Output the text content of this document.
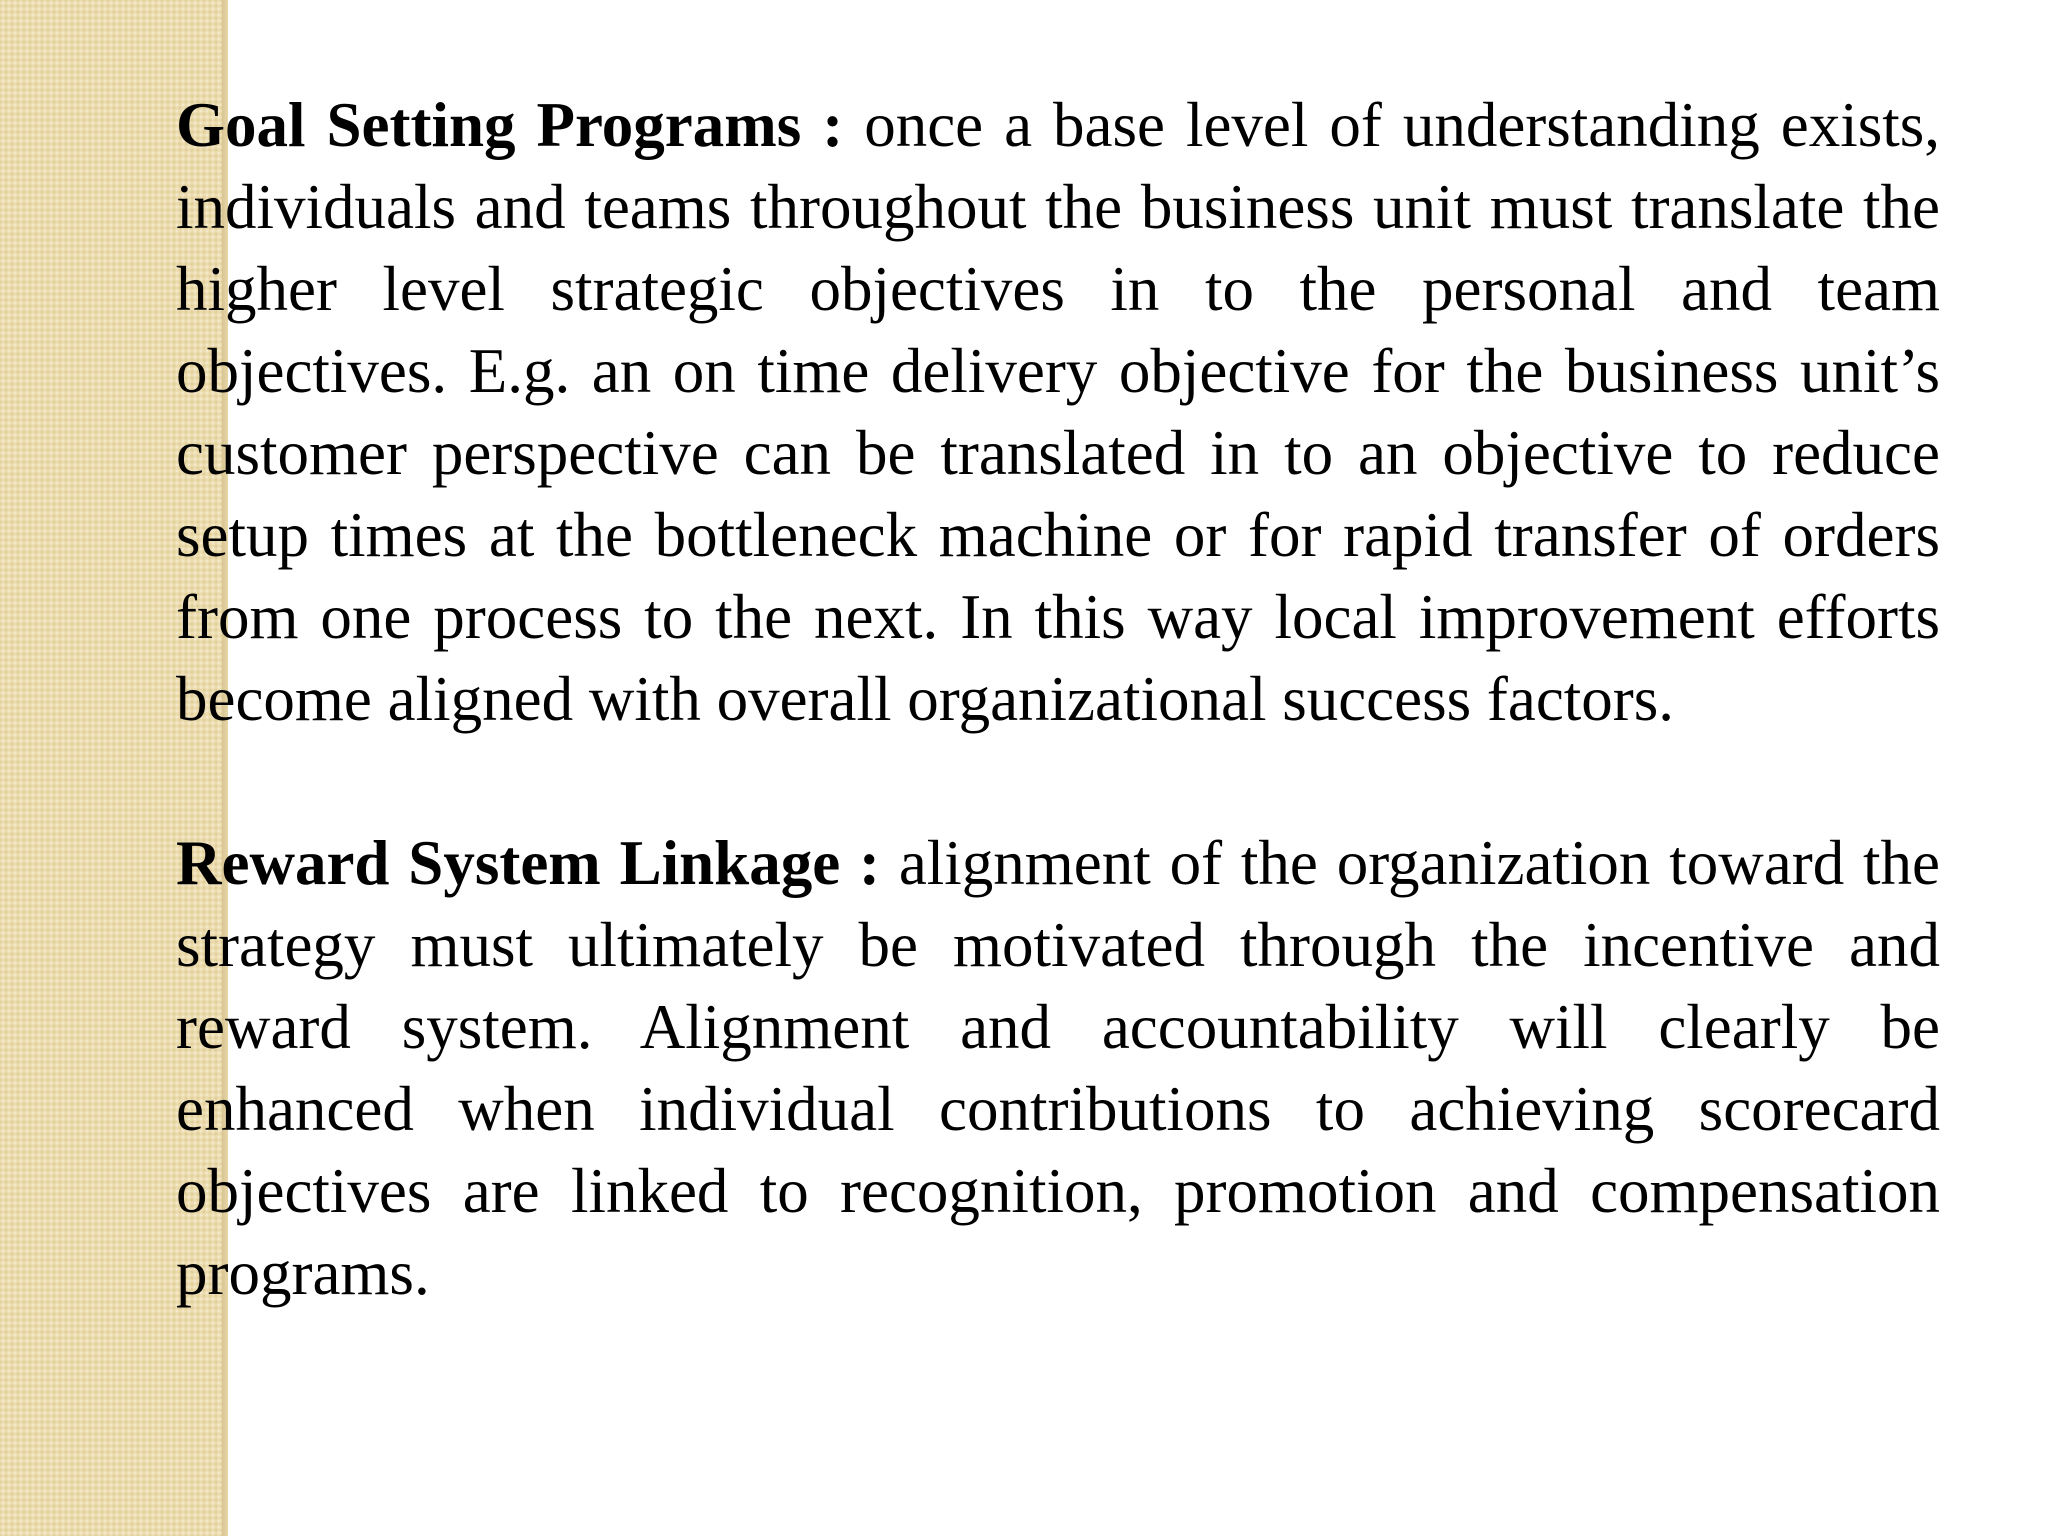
Goal Setting Programs : once a base level of understanding exists, individuals and teams throughout the business unit must translate the higher level strategic objectives in to the personal and team objectives. E.g. an on time delivery objective for the business unit’s customer perspective can be translated in to an objective to reduce setup times at the bottleneck machine or for rapid transfer of orders from one process to the next. In this way local improvement efforts become aligned with overall organizational success factors.

Reward System Linkage : alignment of the organization toward the strategy must ultimately be motivated through the incentive and reward system. Alignment and accountability will clearly be enhanced when individual contributions to achieving scorecard objectives are linked to recognition, promotion and compensation programs.
